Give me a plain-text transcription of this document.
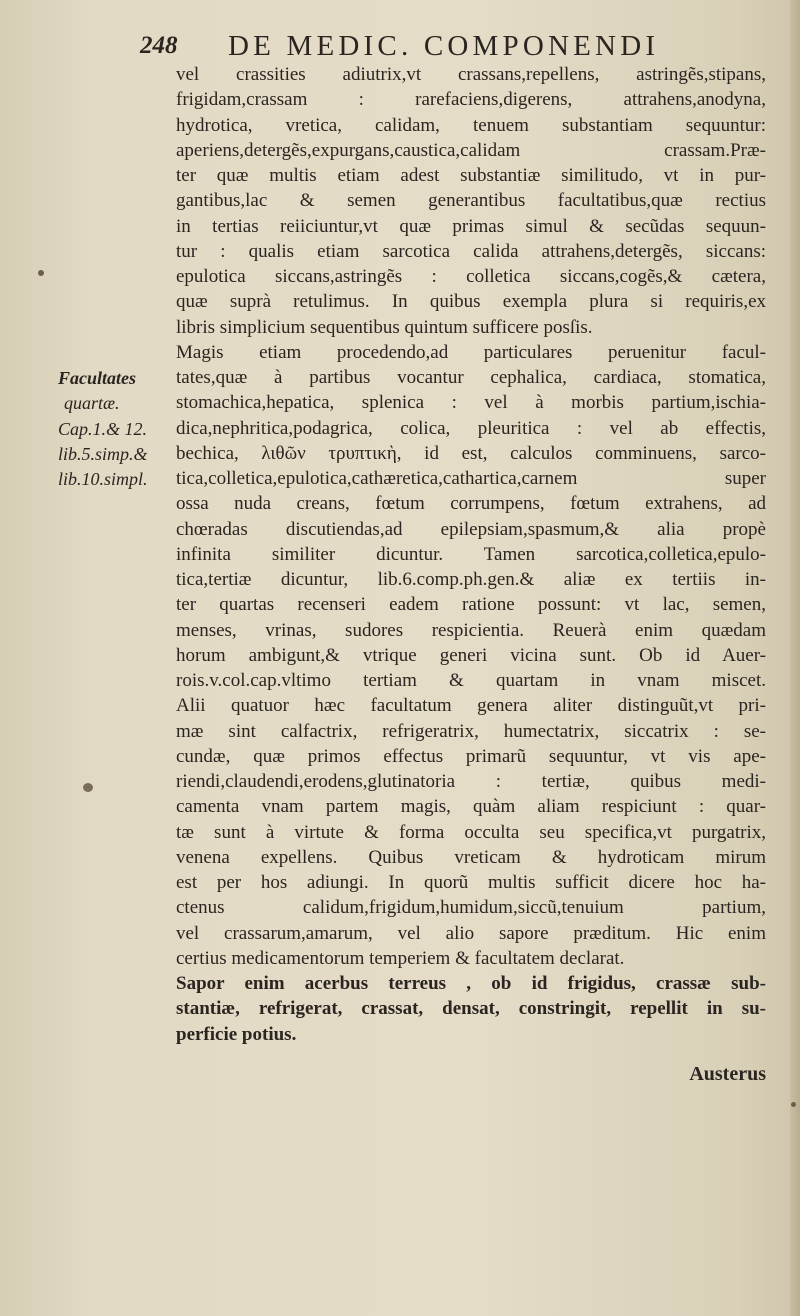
248 DE MEDIC. COMPONENDI
vel crassities adiutrix,vt crassans,repellens, astringẽs,stipans,
frigidam,crassam : rarefaciens,digerens, attrahens,anodyna,
hydrotica, vretica, calidam, tenuem substantiam sequuntur:
aperiens,detergẽs,expurgans,caustica,calidam crassam.Præ-
ter quæ multis etiam adest substantiæ similitudo, vt in pur-
gantibus,lac & semen generantibus facultatibus,quæ rectius
in tertias reiiciuntur,vt quæ primas simul & secũdas sequun-
tur : qualis etiam sarcotica calida attrahens,detergẽs, siccans:
epulotica siccans,astringẽs : colletica siccans,cogẽs,& cætera,
quæ suprà retulimus. In quibus exempla plura si requiris,ex
libris simplicium sequentibus quintum sufficere posſis.
Magis etiam procedendo,ad particulares peruenitur facul-
tates,quæ à partibus vocantur cephalica, cardiaca, stomatica,
stomachica,hepatica, splenica : vel à morbis partium,ischia-
dica,nephritica,podagrica, colica, pleuritica : vel ab effectis,
bechica, λιθῶν τρυπτικὴ, id est, calculos comminuens, sarco-
tica,colletica,epulotica,cathæretica,cathartica,carnem super
ossa nuda creans, fœtum corrumpens, fœtum extrahens, ad
chœradas discutiendas,ad epilepsiam,spasmum,& alia propè
infinita similiter dicuntur. Tamen sarcotica,colletica,epulo-
tica,tertiæ dicuntur, lib.6.comp.ph.gen.& aliæ ex tertiis in-
ter quartas recenseri eadem ratione possunt: vt lac, semen,
menses, vrinas, sudores respicientia. Reuerà enim quædam
horum ambigunt,& vtrique generi vicina sunt. Ob id Auer-
rois.v.col.cap.vltimo tertiam & quartam in vnam miscet.
Alii quatuor hæc facultatum genera aliter distinguũt,vt pri-
mæ sint calfactrix, refrigeratrix, humectatrix, siccatrix : se-
cundæ, quæ primos effectus primarũ sequuntur, vt vis ape-
riendi,claudendi,erodens,glutinatoria : tertiæ, quibus medi-
camenta vnam partem magis, quàm aliam respiciunt : quar-
tæ sunt à virtute & forma occulta seu specifica,vt purgatrix,
venena expellens. Quibus vreticam & hydroticam mirum
est per hos adiungi. In quorũ multis sufficit dicere hoc ha-
ctenus calidum,frigidum,humidum,siccũ,tenuium partium,
vel crassarum,amarum, vel alio sapore præditum. Hic enim
certius medicamentorum temperiem & facultatem declarat.
Sapor enim acerbus terreus , ob id frigidus, crassæ sub-
stantiæ, refrigerat, crassat, densat, constringit, repellit in su-
perficie potius.
Austerus
Facultates
quartæ.
Cap.1.& 12.
lib.5.simp.&
lib.10.simpl.
